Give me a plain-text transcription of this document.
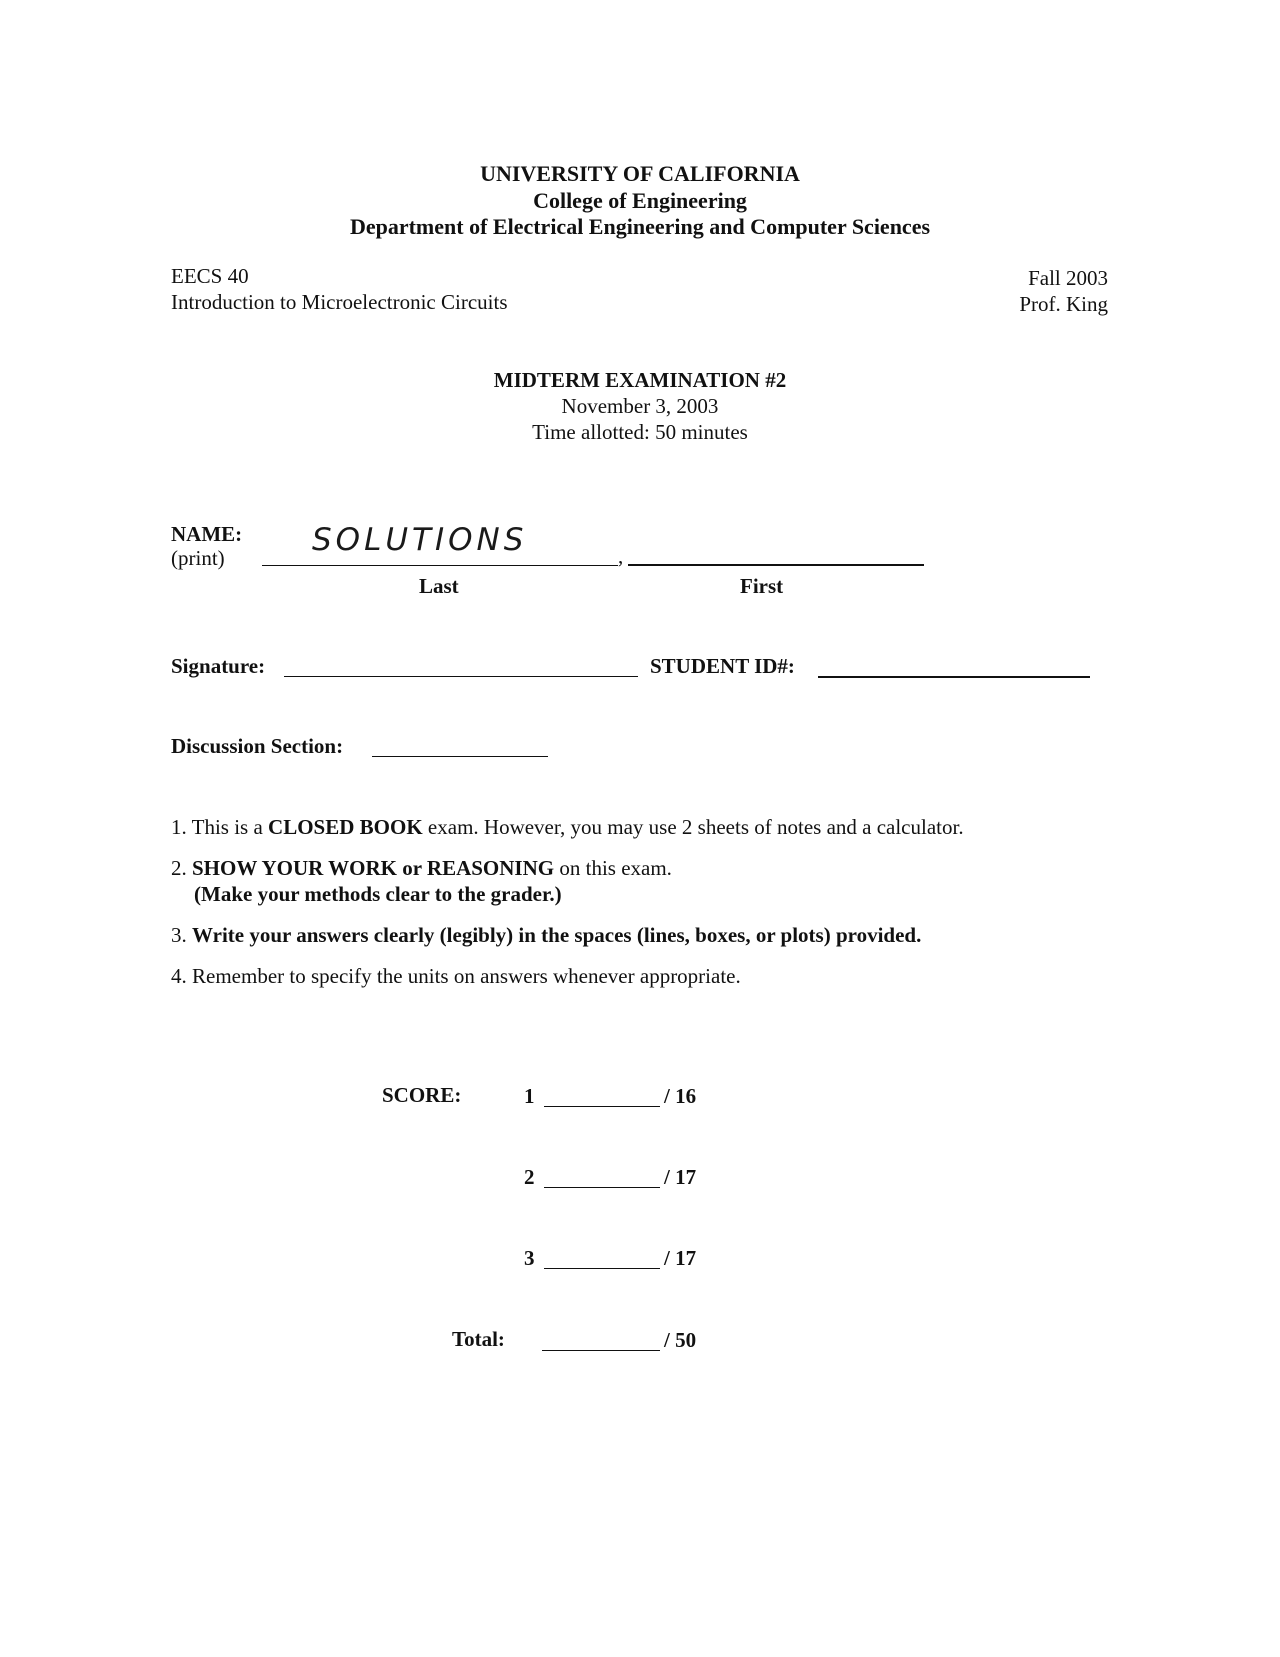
UNIVERSITY OF CALIFORNIA
College of Engineering
Department of Electrical Engineering and Computer Sciences
EECS 40
Introduction to Microelectronic Circuits
Fall 2003
Prof. King
MIDTERM EXAMINATION #2
November 3, 2003
Time allotted: 50 minutes
NAME:
(print)	SOLUTIONS	,
Last	First
Signature:	STUDENT ID#:
Discussion Section:
1. This is a CLOSED BOOK exam. However, you may use 2 sheets of notes and a calculator.
2. SHOW YOUR WORK or REASONING on this exam.
(Make your methods clear to the grader.)
3. Write your answers clearly (legibly) in the spaces (lines, boxes, or plots) provided.
4. Remember to specify the units on answers whenever appropriate.
SCORE:	1	/ 16
2	/ 17
3	/ 17
Total:	/ 50
